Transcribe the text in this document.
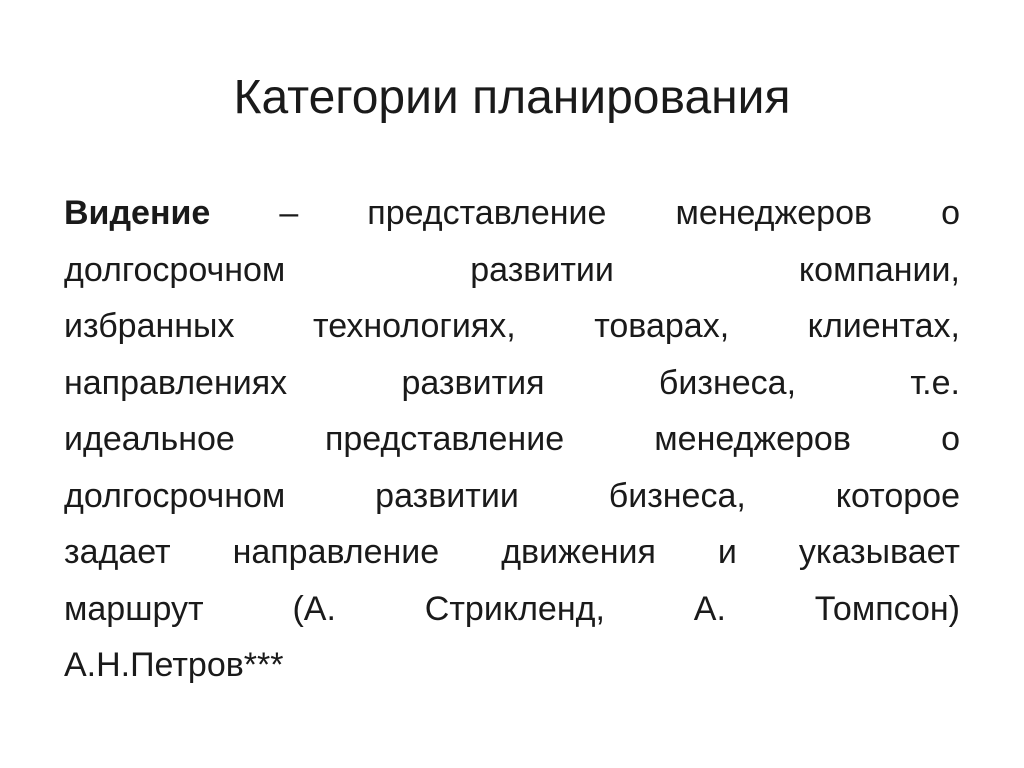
Категории планирования
Видение – представление менеджеров о
долгосрочном развитии компании,
избранных технологиях, товарах, клиентах,
направлениях развития бизнеса, т.е.
идеальное представление менеджеров о
долгосрочном развитии бизнеса, которое
задает направление движения и указывает
маршрут (А. Стрикленд, А. Томпсон)
А.Н.Петров***
